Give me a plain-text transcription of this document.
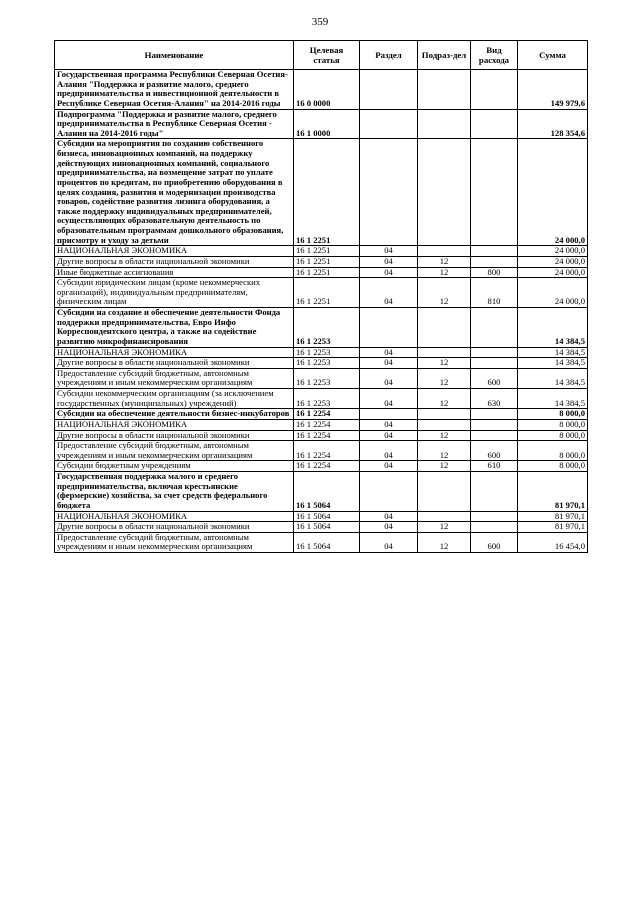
359
Наименование	Целевая статья	Раздел	Подраз-дел	Вид расхода	Сумма
Государственная программа Республики Северная Осетия-Алания "Поддержка и развитие малого, среднего предпринимательства и инвестиционной деятельности в Республике Северная Осетия-Алания" на 2014-2016 годы	16 0 0000				149 979,6
Подпрограмма "Поддержка и развитие малого, среднего предпринимательства в Республике Северная Осетия - Алания на 2014-2016 годы"	16 1 0000				128 354,6
Субсидии на мероприятия по созданию собственного бизнеса, инновационных компаний, на поддержку действующих инновационных компаний, социального предпринимательства, на возмещение затрат по уплате процентов по кредитам, по приобретению оборудования в целях создания, развития и модернизации производства товаров, содействие развития лизинга оборудования, а также поддержку индивидуальных предпринимателей, осуществляющих образовательную деятельность по образовательным программам дошкольного образования, присмотру и уходу за детьми	16 1 2251				24 000,0
НАЦИОНАЛЬНАЯ ЭКОНОМИКА	16 1 2251	04			24 000,0
Другие вопросы в области национальной экономики	16 1 2251	04	12		24 000,0
Иные бюджетные ассигнования	16 1 2251	04	12	800	24 000,0
Субсидии юридическим лицам (кроме некоммерческих организаций), индивидуальным предпринимателям, физическим лицам	16 1 2251	04	12	810	24 000,0
Субсидии на создание и обеспечение деятельности Фонда поддержки предпринимательства, Евро Инфо Корреспондентского центра, а также на содействие развитию микрофинансирования	16 1 2253				14 384,5
НАЦИОНАЛЬНАЯ ЭКОНОМИКА	16 1 2253	04			14 384,5
Другие вопросы в области национальной экономики	16 1 2253	04	12		14 384,5
Предоставление субсидий бюджетным, автономным учреждениям и иным некоммерческим организациям	16 1 2253	04	12	600	14 384,5
Субсидии некоммерческим организациям (за исключением государственных (муниципальных) учреждений)	16 1 2253	04	12	630	14 384,5
Субсидии на обеспечение деятельности бизнес-инкубаторов	16 1 2254				8 000,0
НАЦИОНАЛЬНАЯ ЭКОНОМИКА	16 1 2254	04			8 000,0
Другие вопросы в области национальной экономики	16 1 2254	04	12		8 000,0
Предоставление субсидий бюджетным, автономным учреждениям и иным некоммерческим организациям	16 1 2254	04	12	600	8 000,0
Субсидии бюджетным учреждениям	16 1 2254	04	12	610	8 000,0
Государственная поддержка малого и среднего предпринимательства, включая крестьянские (фермерские) хозяйства, за счет средств федерального бюджета	16 1 5064				81 970,1
НАЦИОНАЛЬНАЯ ЭКОНОМИКА	16 1 5064	04			81 970,1
Другие вопросы в области национальной экономики	16 1 5064	04	12		81 970,1
Предоставление субсидий бюджетным, автономным учреждениям и иным некоммерческим организациям	16 1 5064	04	12	600	16 454,0
